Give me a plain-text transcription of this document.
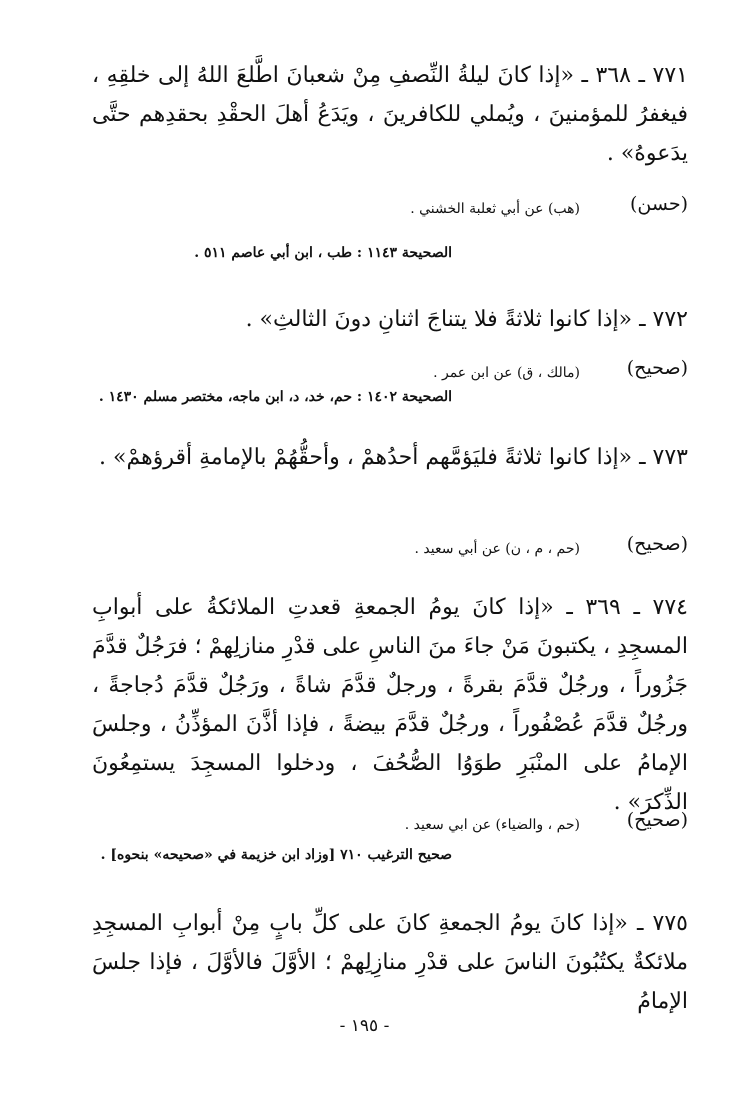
٧٧١ ـ ٣٦٨ ـ «إذا كانَ ليلةُ النِّصفِ مِنْ شعبانَ اطَّلعَ اللهُ إلى خلقِهِ ، فيغفرُ للمؤمنينَ ، ويُملي للكافرينَ ، ويَدَعُ أهلَ الحقْدِ بحقدِهم حتَّى يدَعوهُ» .
(حسن)
(هب) عن أبي ثعلبة الخشني .
الصحيحة ١١٤٣ : طب ، ابن أبي عاصم ٥١١ .
٧٧٢ ـ «إذا كانوا ثلاثةً فلا يتناجَ اثنانِ دونَ الثالثِ» .
(صحيح)
(مالك ، ق) عن ابن عمر .
الصحيحة ١٤٠٢ : حم، خد، د، ابن ماجه، مختصر مسلم ١٤٣٠ .
٧٧٣ ـ «إذا كانوا ثلاثةً فليَؤمَّهم أحدُهمْ ، وأحقُّهُمْ بالإمامةِ أقرؤهمْ» .
(صحيح)
(حم ، م ، ن) عن أبي سعيد .
٧٧٤ ـ ٣٦٩ ـ «إذا كانَ يومُ الجمعةِ قعدتِ الملائكةُ على أبوابِ المسجِدِ ، يكتبونَ مَنْ جاءَ منَ الناسِ على قدْرِ منازلِهمْ ؛ فرَجُلٌ قدَّمَ جَزُوراً ، ورجُلٌ قدَّمَ بقرةً ، ورجلٌ قدَّمَ شاةً ، ورَجُلٌ قدَّمَ دُجاجةً ، ورجُلٌ قدَّمَ عُصْفُوراً ، ورجُلٌ قدَّمَ بيضةً ، فإذا أذَّنَ المؤذِّنُ ، وجلسَ الإمامُ على المنْبَرِ طوَوُا الصُّحُفَ ، ودخلوا المسجِدَ يستمِعُونَ الذِّكرَ» .
(صحيح)
(حم ، والضياء) عن ابي سعيد .
صحيح الترغيب ٧١٠ [وزاد ابن خزيمة في «صحيحه» بنحوه] .
٧٧٥ ـ «إذا كانَ يومُ الجمعةِ كانَ على كلِّ بابٍ مِنْ أبوابِ المسجِدِ ملائكةٌ يكتُبُونَ الناسَ على قدْرِ منازِلِهمْ ؛ الأوَّلَ فالأوَّلَ ، فإذا جلسَ الإمامُ
- ١٩٥ -
